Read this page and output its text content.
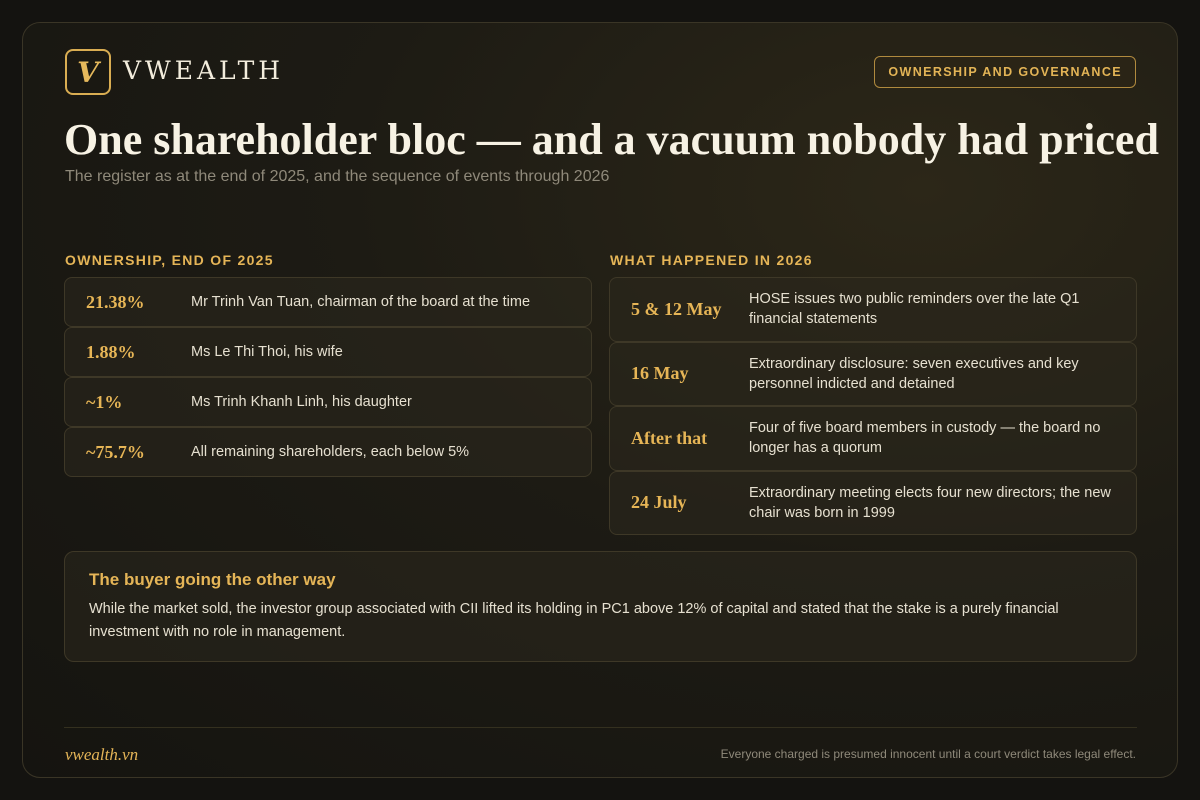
V VWEALTH	OWNERSHIP AND GOVERNANCE
One shareholder bloc — and a vacuum nobody had priced
The register as at the end of 2025, and the sequence of events through 2026
OWNERSHIP, END OF 2025
21.38%	Mr Trinh Van Tuan, chairman of the board at the time
1.88%	Ms Le Thi Thoi, his wife
~1%	Ms Trinh Khanh Linh, his daughter
~75.7%	All remaining shareholders, each below 5%
WHAT HAPPENED IN 2026
5 & 12 May	HOSE issues two public reminders over the late Q1 financial statements
16 May	Extraordinary disclosure: seven executives and key personnel indicted and detained
After that	Four of five board members in custody — the board no longer has a quorum
24 July	Extraordinary meeting elects four new directors; the new chair was born in 1999
The buyer going the other way
While the market sold, the investor group associated with CII lifted its holding in PC1 above 12% of capital and stated that the stake is a purely financial investment with no role in management.
vwealth.vn	Everyone charged is presumed innocent until a court verdict takes legal effect.
